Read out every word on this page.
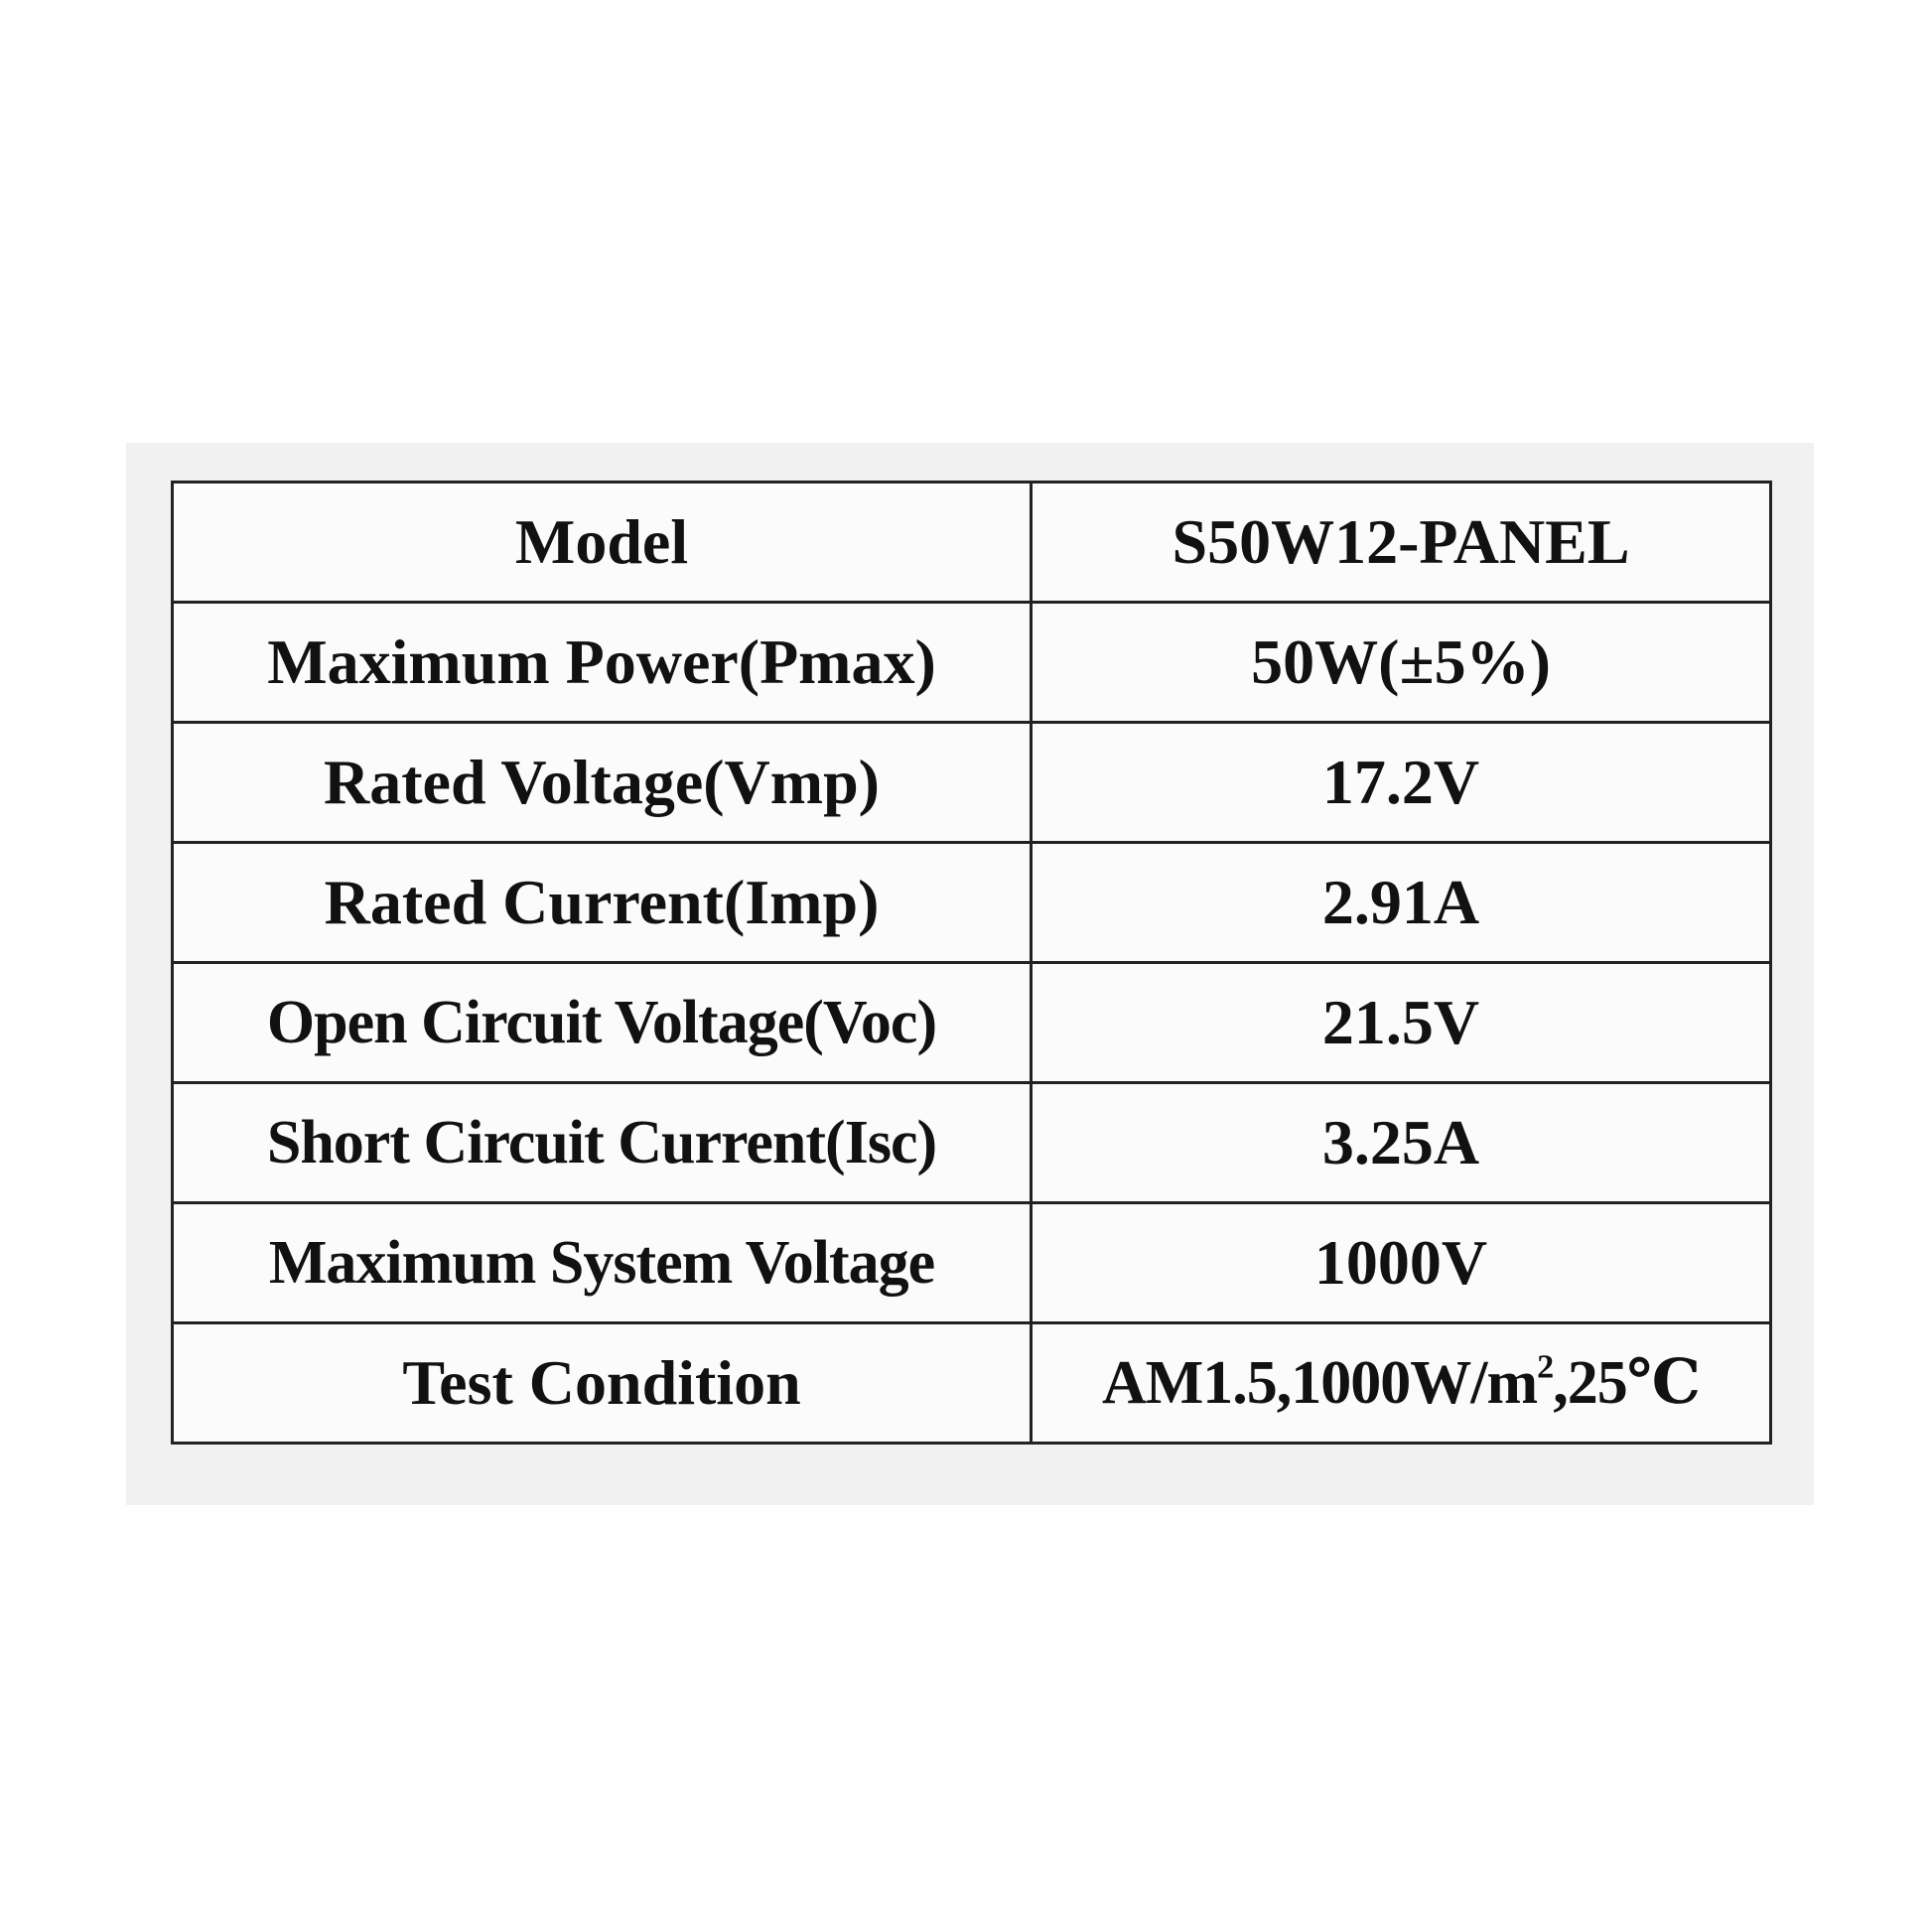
Model	S50W12-PANEL
Maximum Power(Pmax)	50W(±5%)
Rated Voltage(Vmp)	17.2V
Rated Current(Imp)	2.91A
Open Circuit Voltage(Voc)	21.5V
Short Circuit Current(Isc)	3.25A
Maximum System Voltage	1000V
Test Condition	$AM1.5,1000W/m^2,25℃$
